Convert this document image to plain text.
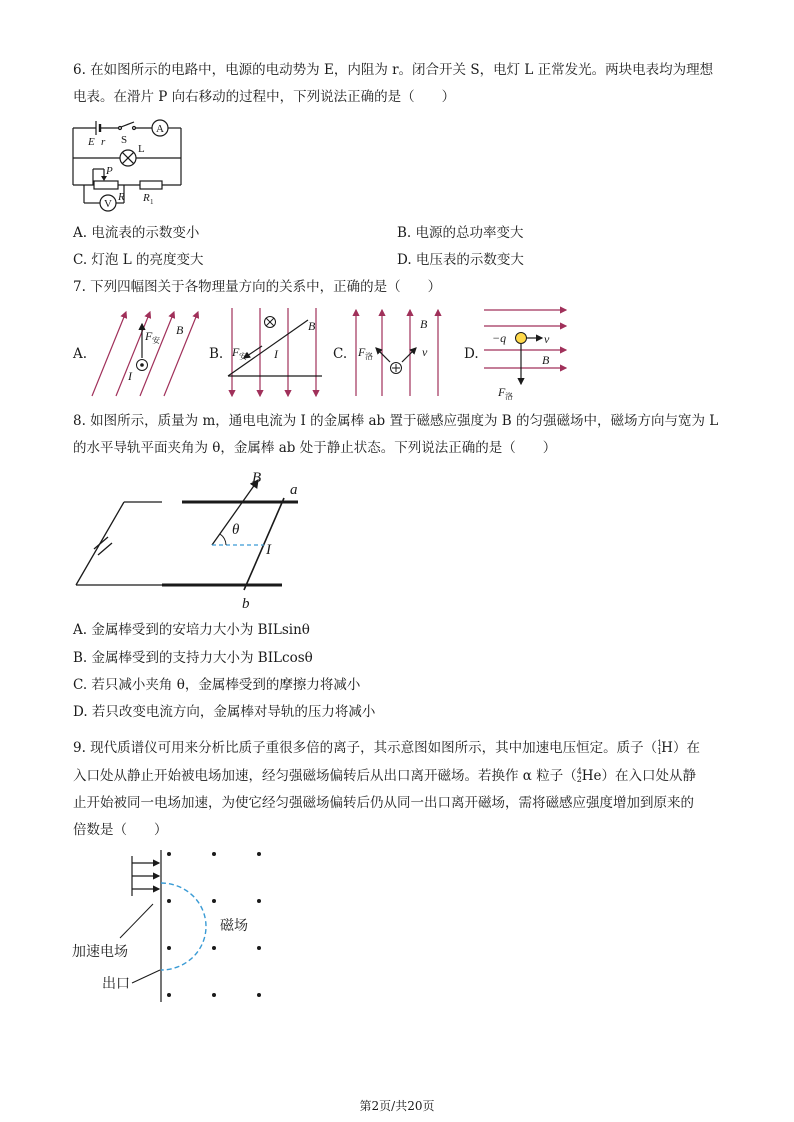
6. 在如图所示的电路中，电源的电动势为 E，内阻为 r。闭合开关 S，电灯 L 正常发光。两块电表均为理想
电表。在滑片 P 向右移动的过程中，下列说法正确的是（　　）
E r
P
R R 1
S
A
L
V
A. 电流表的示数变小	B. 电源的总功率变大
C. 灯泡 L 的亮度变大	D. 电压表的示数变大
7. 下列四幅图关于各物理量方向的关系中，正确的是（　　）
A.
F B
I
安
B.
B
F	I
安	C.
B
F	v
洛	D.
−q	v
B
F 洛
8. 如图所示，质量为 m，通电电流为 I 的金属棒 ab 置于磁感应强度为 B 的匀强磁场中，磁场方向与宽为 L
的水平导轨平面夹角为 θ，金属棒 ab 处于静止状态。下列说法正确的是（　　）
B
a
b
θ
I
A. 金属棒受到的安培力大小为 BILsinθ
B. 金属棒受到的支持力大小为 BILcosθ
C. 若只减小夹角 θ，金属棒受到的摩擦力将减小
D. 若只改变电流方向，金属棒对导轨的压力将减小
9. 现代质谱仪可用来分析比质子重很多倍的离子，其示意图如图所示，其中加速电压恒定。质子（11H）在
入口处从静止开始被电场加速，经匀强磁场偏转后从出口离开磁场。若换作 α 粒子（42He）在入口处从静
止开始被同一电场加速，为使它经匀强磁场偏转后仍从同一出口离开磁场，需将磁感应强度增加到原来的
倍数是（　　）
磁场
加速电场
出口
第2页/共20页
